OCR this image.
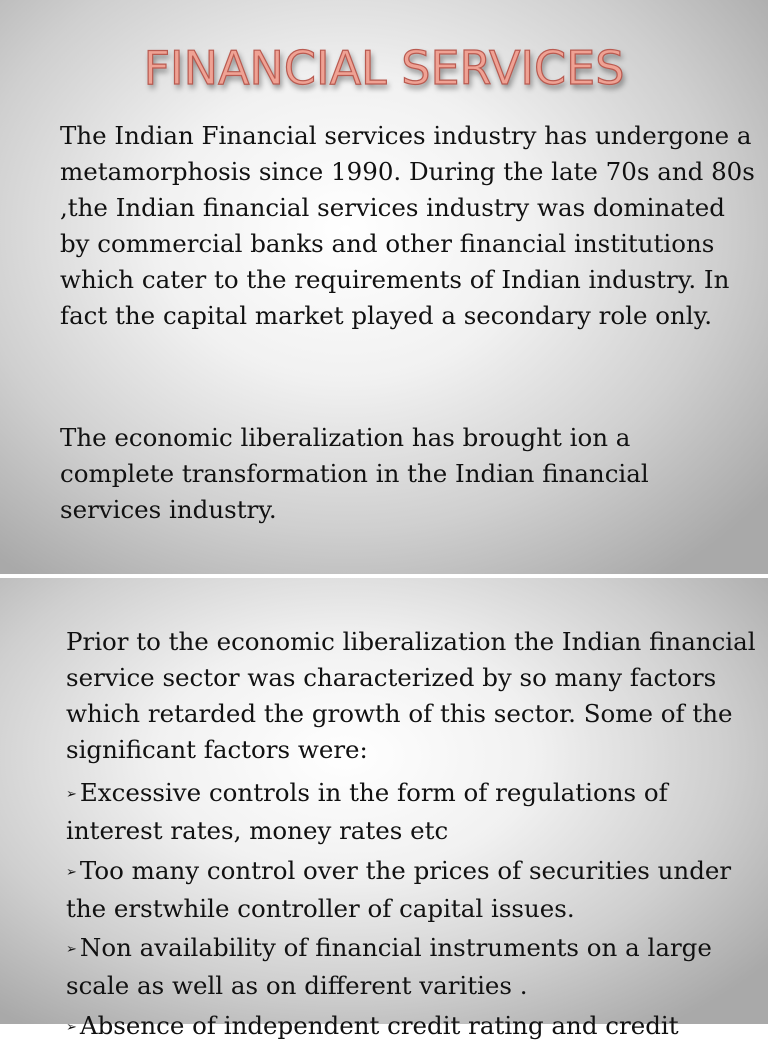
FINANCIAL SERVICES

The Indian Financial services industry has undergone a metamorphosis since 1990. During the late 70s and 80s ,the Indian financial services industry was dominated by commercial banks and other financial institutions which cater to the requirements of Indian industry. In fact the capital market played a secondary role only.

The economic liberalization has brought ion a complete transformation in the Indian financial services industry.

Prior to the economic liberalization the Indian financial service sector was characterized by so many factors which retarded the growth of this sector. Some of the significant factors were:

➢ Excessive controls in the form of regulations of interest rates, money rates etc

➢ Too many control over the prices of securities under the erstwhile controller of capital issues.

➢ Non availability of financial instruments on a large scale as well as on different varities .

➢ Absence of independent credit rating and credit
